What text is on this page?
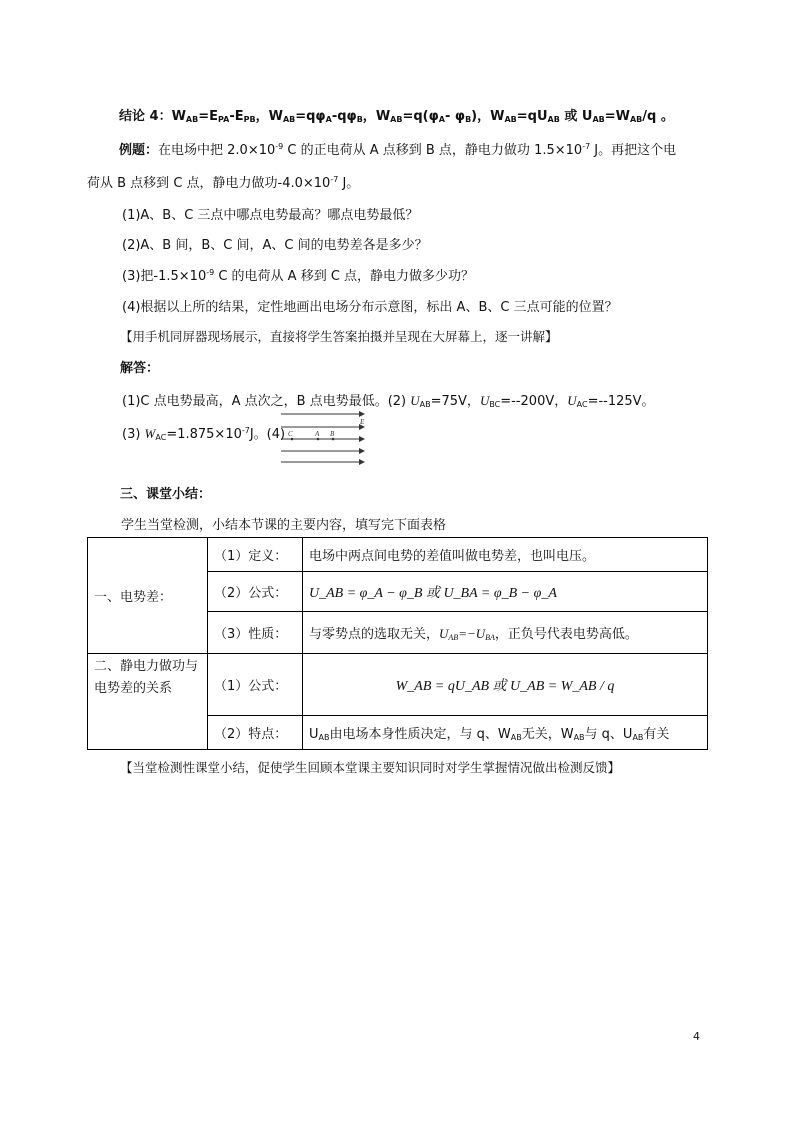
结论 4：$W_{AB}=E_{PA}-E_{PB}$，$W_{AB}=q\varphi_A-q\varphi_B$，$W_{AB}=q(\varphi_A-$ $\varphi_B$)，$W_{AB}=qU_{AB}$ 或 $U_{AB}=W_{AB}/q$ 。
例题：在电场中把 $2.0\times 10^{-9}$ C 的正电荷从 A 点移到 B 点，静电力做功 $1.5\times 10^{-7}$ J。再把这个电
荷从 B 点移到 C 点，静电力做功$-4.0\times 10^{-7}$ J。
(1)A、B、C 三点中哪点电势最高？哪点电势最低？
(2)A、B 间，B、C 间，A、C 间的电势差各是多少？
(3)把$-1.5\times 10^{-9}$ C 的电荷从 A 移到 C 点，静电力做多少功？
(4)根据以上所的结果，定性地画出电场分布示意图，标出 A、B、C 三点可能的位置？
【用手机同屏器现场展示，直接将学生答案拍摄并呈现在大屏幕上，逐一讲解】
解答：
(1)C 点电势最高，A 点次之，B 点电势最低。(2) $U_{AB}=75V$，$U_{BC}=--200V$，$U_{AC}=--125V$。
(3) $W_{AC}=1.875\times 10^{-7}J$。(4)
E
C	A B
三、课堂小结：
学生当堂检测，小结本节课的主要内容，填写完下面表格
一、电势差：	（1）定义：	电场中两点间电势的差值叫做电势差，也叫电压。
	（2）公式：	U_AB = φ_A − φ_B 或 U_BA = φ_B − φ_A
	（3）性质：	与零势点的选取无关，$U_{AB}=-U_{BA}$，正负号代表电势高低。
二、静电力做功与电势差的关系	（1）公式：	W_AB = qU_AB 或 U_AB = W_AB / q
	（2）特点：	$U_{AB}$由电场本身性质决定，与 q、$W_{AB}$无关，$W_{AB}$与 q、$U_{AB}$有关
【当堂检测性课堂小结，促使学生回顾本堂课主要知识同时对学生掌握情况做出检测反馈】
4
